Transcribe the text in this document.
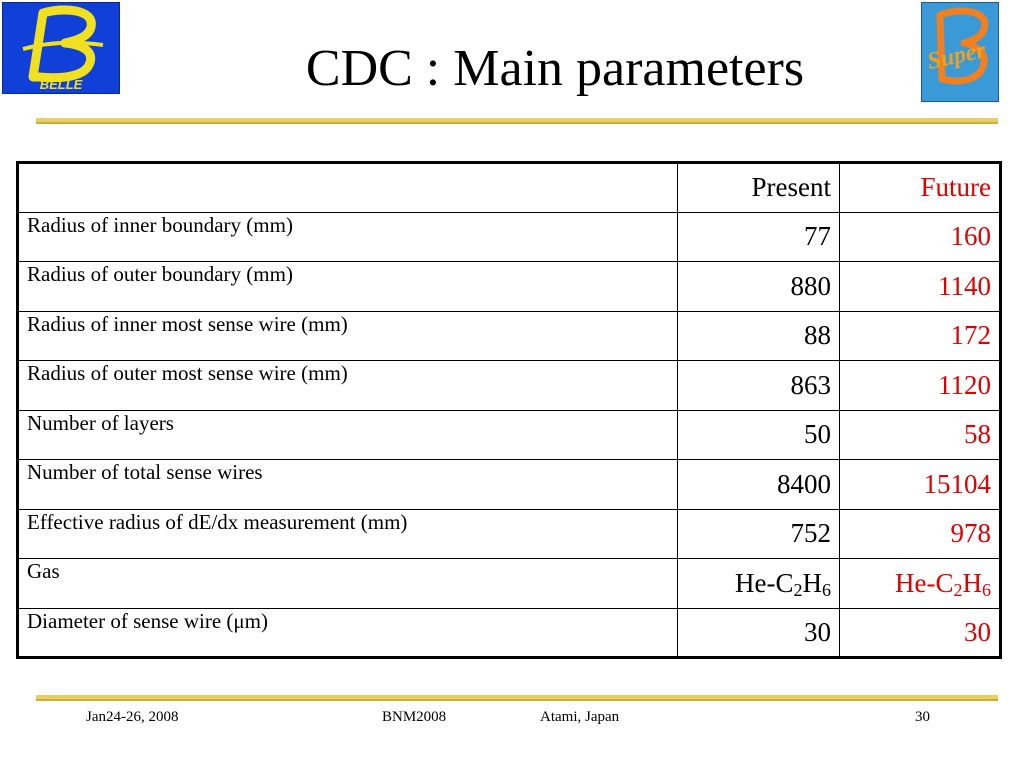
BELLE
Super
CDC : Main parameters
	Present	Future
Radius of inner boundary (mm)	77	160
Radius of outer boundary (mm)	880	1140
Radius of inner most sense wire (mm)	88	172
Radius of outer most sense wire (mm)	863	1120
Number of layers	50	58
Number of total sense wires	8400	15104
Effective radius of dE/dx measurement (mm)	752	978
Gas	$He-C_2H_6$	$He-C_2H_6$
Diameter of sense wire (μm)	30	30
Jan24-26, 2008	BNM2008	Atami, Japan	30
